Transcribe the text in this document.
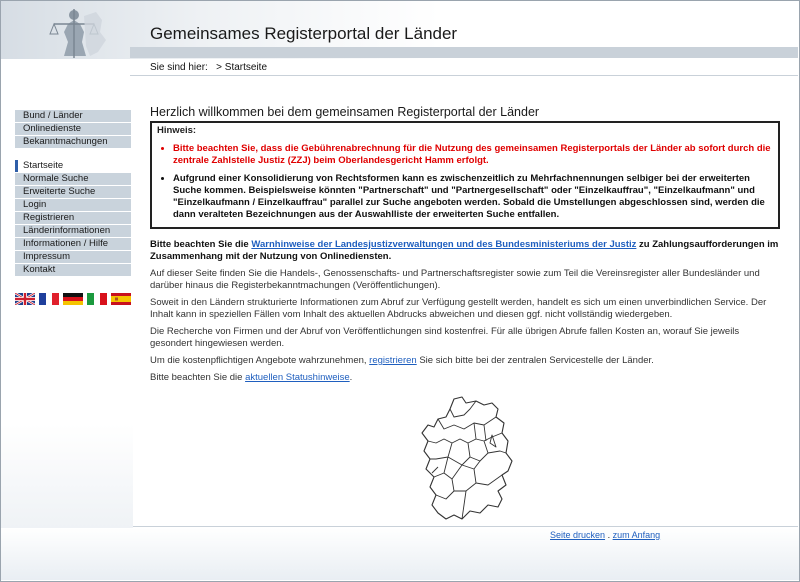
Gemeinsames Registerportal der Länder
Sie sind hier: > Startseite
Bund / Länder
Onlinedienste
Bekanntmachungen
Startseite
Normale Suche
Erweiterte Suche
Login
Registrieren
Länderinformationen
Informationen / Hilfe
Impressum
Kontakt
Herzlich willkommen bei dem gemeinsamen Registerportal der Länder
Hinweis:
• Bitte beachten Sie, dass die Gebührenabrechnung für die Nutzung des gemeinsamen Registerportals der Länder ab sofort durch die zentrale Zahlstelle Justiz (ZZJ) beim Oberlandesgericht Hamm erfolgt.
• Aufgrund einer Konsolidierung von Rechtsformen kann es zwischenzeitlich zu Mehrfachnennungen selbiger bei der erweiterten Suche kommen. Beispielsweise könnten "Partnerschaft" und "Partnergesellschaft" oder "Einzelkauffrau", "Einzelkaufmann" und "Einzelkaufmann / Einzelkauffrau" parallel zur Suche angeboten werden. Sobald die Umstellungen abgeschlossen sind, werden die dann veralteten Bezeichnungen aus der Auswahlliste der erweiterten Suche entfallen.

Bitte beachten Sie die Warnhinweise der Landesjustizverwaltungen und des Bundesministeriums der Justiz zu Zahlungsaufforderungen im Zusammenhang mit der Nutzung von Onlinediensten.

Auf dieser Seite finden Sie die Handels-, Genossenschafts- und Partnerschaftsregister sowie zum Teil die Vereinsregister aller Bundesländer und darüber hinaus die Registerbekanntmachungen (Veröffentlichungen).

Soweit in den Ländern strukturierte Informationen zum Abruf zur Verfügung gestellt werden, handelt es sich um einen unverbindlichen Service. Der Inhalt kann in speziellen Fällen vom Inhalt des aktuellen Abdrucks abweichen und diesen ggf. nicht vollständig wiedergeben.

Die Recherche von Firmen und der Abruf von Veröffentlichungen sind kostenfrei. Für alle übrigen Abrufe fallen Kosten an, worauf Sie jeweils gesondert hingewiesen werden.

Um die kostenpflichtigen Angebote wahrzunehmen, registrieren Sie sich bitte bei der zentralen Servicestelle der Länder.

Bitte beachten Sie die aktuellen Statushinweise.

Seite drucken . zum Anfang
